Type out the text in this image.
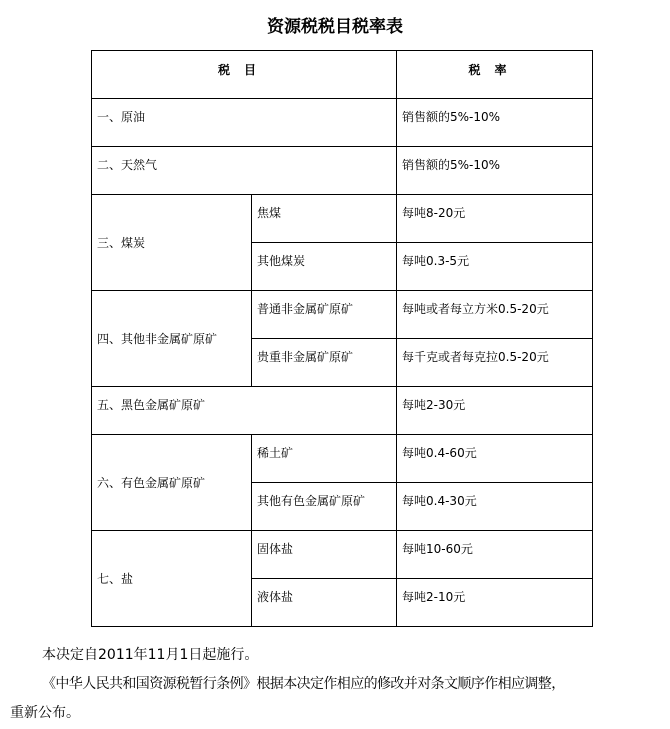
资源税税目税率表
税目		税率

一、原油		销售额的5%-10%

二、天然气		销售额的5%-10%

三、煤炭	焦煤	每吨8-20元

	其他煤炭	每吨0.3-5元

四、其他非金属矿原矿	普通非金属矿原矿	每吨或者每立方米0.5-20元

	贵重非金属矿原矿	每千克或者每克拉0.5-20元

五、黑色金属矿原矿		每吨2-30元

六、有色金属矿原矿	稀土矿	每吨0.4-60元

	其他有色金属矿原矿	每吨0.4-30元

七、盐	固体盐	每吨10-60元

	液体盐	每吨2-10元
本决定自2011年11月1日起施行。
《中华人民共和国资源税暂行条例》根据本决定作相应的修改并对条文顺序作相应调整，
重新公布。
